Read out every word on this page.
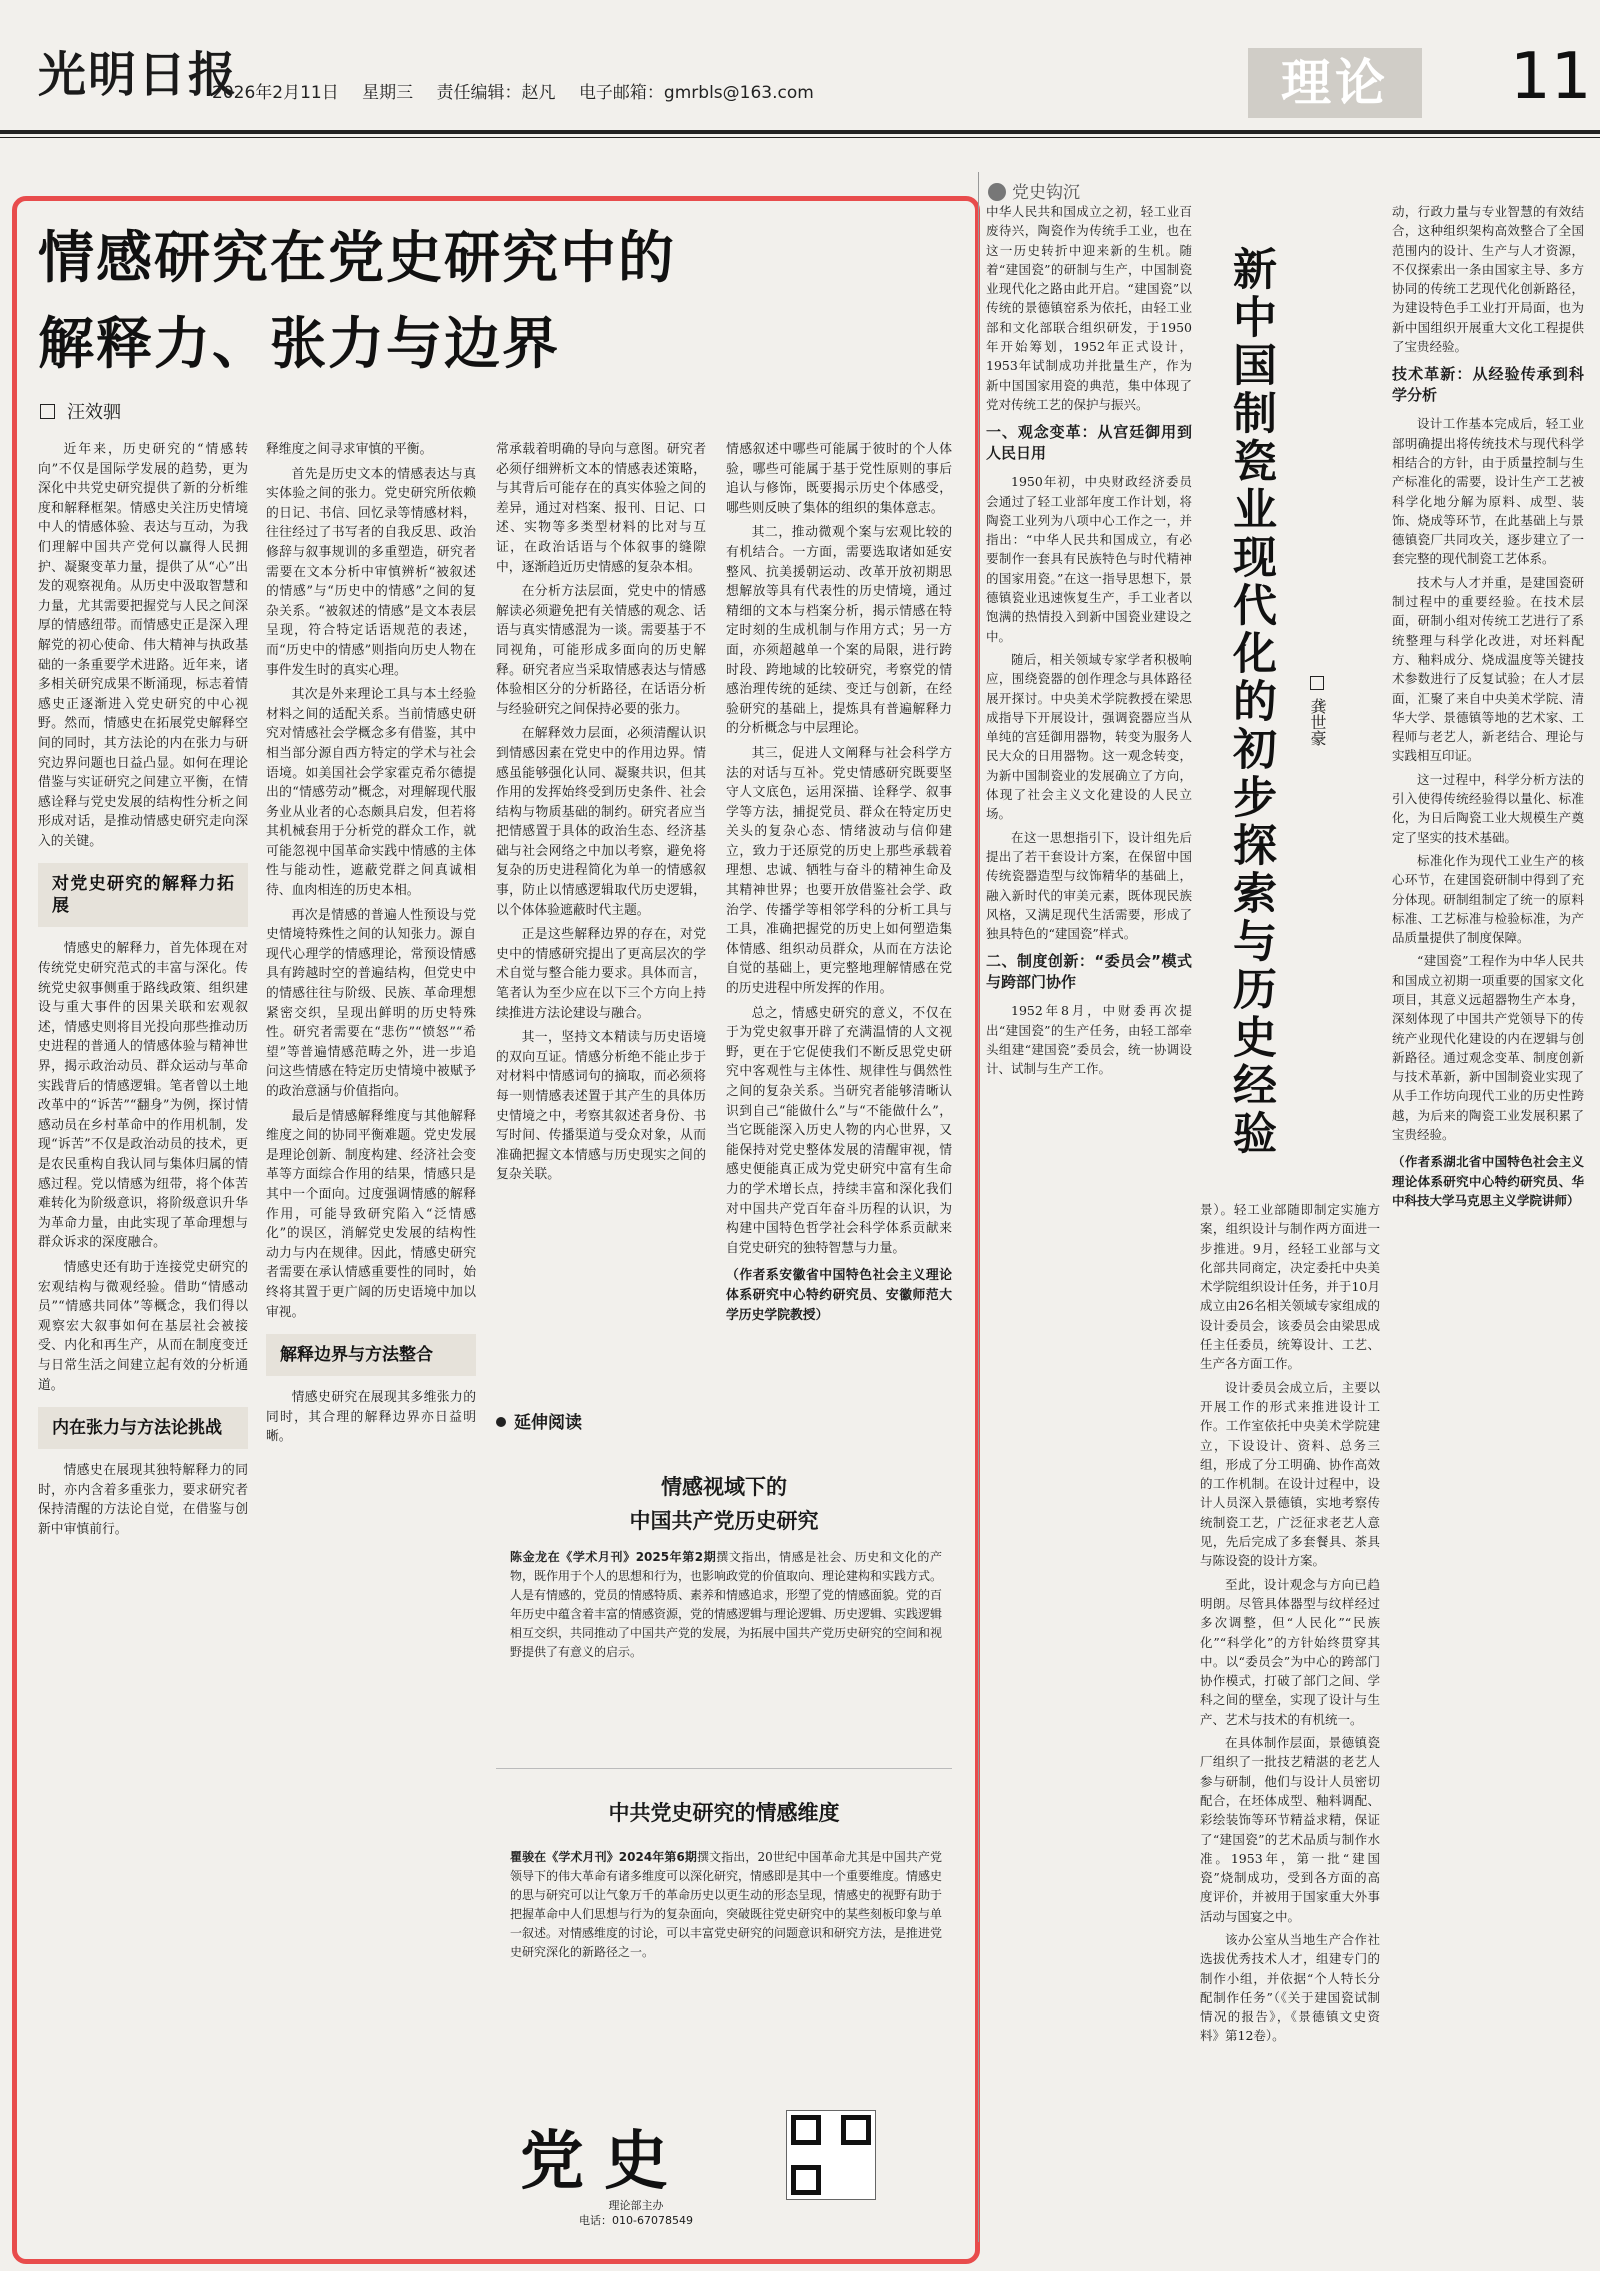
光明日报
2026年2月11日 星期三 责任编辑：赵凡 电子邮箱：gmrbls@163.com	理论	11
情感研究在党史研究中的
解释力、张力与边界
汪效驷

近年来，历史研究的“情感转向”不仅是国际学发展的趋势，更为深化中共党史研究提供了新的分析维度和解释框架。情感史关注历史情境中人的情感体验、表达与互动，为我们理解中国共产党何以赢得人民拥护、凝聚变革力量，提供了从“心”出发的观察视角。从历史中汲取智慧和力量，尤其需要把握党与人民之间深厚的情感纽带。而情感史正是深入理解党的初心使命、伟大精神与执政基础的一条重要学术进路。近年来，诸多相关研究成果不断涌现，标志着情感史正逐渐进入党史研究的中心视野。然而，情感史在拓展党史解释空间的同时，其方法论的内在张力与研究边界问题也日益凸显。如何在理论借鉴与实证研究之间建立平衡，在情感诠释与党史发展的结构性分析之间形成对话，是推动情感史研究走向深入的关键。

对党史研究的解释力拓展

情感史的解释力，首先体现在对传统党史研究范式的丰富与深化。传统党史叙事侧重于路线政策、组织建设与重大事件的因果关联和宏观叙述，情感史则将目光投向那些推动历史进程的普通人的情感体验与精神世界，揭示政治动员、群众运动与革命实践背后的情感逻辑。笔者曾以土地改革中的“诉苦”“翻身”为例，探讨情感动员在乡村革命中的作用机制，发现“诉苦”不仅是政治动员的技术，更是农民重构自我认同与集体归属的情感过程。党以情感为纽带，将个体苦难转化为阶级意识，将阶级意识升华为革命力量，由此实现了革命理想与群众诉求的深度融合。

情感史还有助于连接党史研究的宏观结构与微观经验。借助“情感动员”“情感共同体”等概念，我们得以观察宏大叙事如何在基层社会被接受、内化和再生产，从而在制度变迁与日常生活之间建立起有效的分析通道。

内在张力与方法论挑战

情感史在展现其独特解释力的同时，亦内含着多重张力，要求研究者保持清醒的方法论自觉，在借鉴与创新中审慎前行。

释维度之间寻求审慎的平衡。

首先是历史文本的情感表达与真实体验之间的张力。党史研究所依赖的日记、书信、回忆录等情感材料，往往经过了书写者的自我反思、政治修辞与叙事规训的多重塑造，研究者需要在文本分析中审慎辨析“被叙述的情感”与“历史中的情感”之间的复杂关系。“被叙述的情感”是文本表层呈现，符合特定话语规范的表述，而“历史中的情感”则指向历史人物在事件发生时的真实心理。

其次是外来理论工具与本土经验材料之间的适配关系。当前情感史研究对情感社会学概念多有借鉴，其中相当部分源自西方特定的学术与社会语境。如美国社会学家霍克希尔德提出的“情感劳动”概念，对理解现代服务业从业者的心态颇具启发，但若将其机械套用于分析党的群众工作，就可能忽视中国革命实践中情感的主体性与能动性，遮蔽党群之间真诚相待、血肉相连的历史本相。

再次是情感的普遍人性预设与党史情境特殊性之间的认知张力。源自现代心理学的情感理论，常预设情感具有跨越时空的普遍结构，但党史中的情感往往与阶级、民族、革命理想紧密交织，呈现出鲜明的历史特殊性。研究者需要在“悲伤”“愤怒”“希望”等普遍情感范畴之外，进一步追问这些情感在特定历史情境中被赋予的政治意涵与价值指向。

最后是情感解释维度与其他解释维度之间的协同平衡难题。党史发展是理论创新、制度构建、经济社会变革等方面综合作用的结果，情感只是其中一个面向。过度强调情感的解释作用，可能导致研究陷入“泛情感化”的误区，消解党史发展的结构性动力与内在规律。因此，情感史研究者需要在承认情感重要性的同时，始终将其置于更广阔的历史语境中加以审视。

解释边界与方法整合

情感史研究在展现其多维张力的同时，其合理的解释边界亦日益明晰。

常承载着明确的导向与意图。研究者必须仔细辨析文本的情感表述策略，与其背后可能存在的真实体验之间的差异，通过对档案、报刊、日记、口述、实物等多类型材料的比对与互证，在政治话语与个体叙事的缝隙中，逐渐趋近历史情感的复杂本相。

在分析方法层面，党史中的情感解读必须避免把有关情感的观念、话语与真实情感混为一谈。需要基于不同视角，可能形成多面向的历史解释。研究者应当采取情感表达与情感体验相区分的分析路径，在话语分析与经验研究之间保持必要的张力。

在解释效力层面，必须清醒认识到情感因素在党史中的作用边界。情感虽能够强化认同、凝聚共识，但其作用的发挥始终受到历史条件、社会结构与物质基础的制约。研究者应当把情感置于具体的政治生态、经济基础与社会网络之中加以考察，避免将复杂的历史进程简化为单一的情感叙事，防止以情感逻辑取代历史逻辑，以个体体验遮蔽时代主题。

正是这些解释边界的存在，对党史中的情感研究提出了更高层次的学术自觉与整合能力要求。具体而言，笔者认为至少应在以下三个方向上持续推进方法论建设与融合。

其一，坚持文本精读与历史语境的双向互证。情感分析绝不能止步于对材料中情感词句的摘取，而必须将每一则情感表述置于其产生的具体历史情境之中，考察其叙述者身份、书写时间、传播渠道与受众对象，从而准确把握文本情感与历史现实之间的复杂关联。

情感叙述中哪些可能属于彼时的个人体验，哪些可能属于基于党性原则的事后追认与修饰，既要揭示历史个体感受，哪些则反映了集体的组织的集体意志。

其二，推动微观个案与宏观比较的有机结合。一方面，需要选取诸如延安整风、抗美援朝运动、改革开放初期思想解放等具有代表性的历史情境，通过精细的文本与档案分析，揭示情感在特定时刻的生成机制与作用方式；另一方面，亦须超越单一个案的局限，进行跨时段、跨地域的比较研究，考察党的情感治理传统的延续、变迁与创新，在经验研究的基础上，提炼具有普遍解释力的分析概念与中层理论。

其三，促进人文阐释与社会科学方法的对话与互补。党史情感研究既要坚守人文底色，运用深描、诠释学、叙事学等方法，捕捉党员、群众在特定历史关头的复杂心态、情绪波动与信仰建立，致力于还原党的历史上那些承载着理想、忠诚、牺牲与奋斗的精神生命及其精神世界；也要开放借鉴社会学、政治学、传播学等相邻学科的分析工具与工具，准确把握党的历史上如何塑造集体情感、组织动员群众，从而在方法论自觉的基础上，更完整地理解情感在党的历史进程中所发挥的作用。

总之，情感史研究的意义，不仅在于为党史叙事开辟了充满温情的人文视野，更在于它促使我们不断反思党史研究中客观性与主体性、规律性与偶然性之间的复杂关系。当研究者能够清晰认识到自己“能做什么”与“不能做什么”，当它既能深入历史人物的内心世界，又能保持对党史整体发展的清醒审视，情感史便能真正成为党史研究中富有生命力的学术增长点，持续丰富和深化我们对中国共产党百年奋斗历程的认识，为构建中国特色哲学社会科学体系贡献来自党史研究的独特智慧与力量。

（作者系安徽省中国特色社会主义理论体系研究中心特约研究员、安徽师范大学历史学院教授）

延伸阅读
情感视域下的
中国共产党历史研究
陈金龙在《学术月刊》2025年第2期撰文指出，情感是社会、历史和文化的产物，既作用于个人的思想和行为，也影响政党的价值取向、理论建构和实践方式。人是有情感的，党员的情感特质、素养和情感追求，形塑了党的情感面貌。党的百年历史中蕴含着丰富的情感资源，党的情感逻辑与理论逻辑、历史逻辑、实践逻辑相互交织，共同推动了中国共产党的发展，为拓展中国共产党历史研究的空间和视野提供了有意义的启示。
中共党史研究的情感维度
瞿骏在《学术月刊》2024年第6期撰文指出，20世纪中国革命尤其是中国共产党领导下的伟大革命有诸多维度可以深化研究，情感即是其中一个重要维度。情感史的思与研究可以让气象万千的革命历史以更生动的形态呈现，情感史的视野有助于把握革命中人们思想与行为的复杂面向，突破既往党史研究中的某些刻板印象与单一叙述。对情感维度的讨论，可以丰富党史研究的问题意识和研究方法，是推进党史研究深化的新路径之一。
党史
理论部主办
电话：010-67078549
党史钩沉

中华人民共和国成立之初，轻工业百废待兴，陶瓷作为传统手工业，也在这一历史转折中迎来新的生机。随着“建国瓷”的研制与生产，中国制瓷业现代化之路由此开启。“建国瓷”以传统的景德镇窑系为依托，由轻工业部和文化部联合组织研发，于1950年开始筹划，1952年正式设计，1953年试制成功并批量生产，作为新中国国家用瓷的典范，集中体现了党对传统工艺的保护与振兴。

一、观念变革：从宫廷御用到人民日用

1950年初，中央财政经济委员会通过了轻工业部年度工作计划，将陶瓷工业列为八项中心工作之一，并指出：“中华人民共和国成立，有必要制作一套具有民族特色与时代精神的国家用瓷。”在这一指导思想下，景德镇瓷业迅速恢复生产，手工业者以饱满的热情投入到新中国瓷业建设之中。

随后，相关领域专家学者积极响应，围绕瓷器的创作理念与具体路径展开探讨。中央美术学院教授在梁思成指导下开展设计，强调瓷器应当从单纯的宫廷御用器物，转变为服务人民大众的日用器物。这一观念转变，为新中国制瓷业的发展确立了方向，体现了社会主义文化建设的人民立场。

在这一思想指引下，设计组先后提出了若干套设计方案，在保留中国传统瓷器造型与纹饰精华的基础上，融入新时代的审美元素，既体现民族风格，又满足现代生活需要，形成了独具特色的“建国瓷”样式。

二、制度创新：“委员会”模式与跨部门协作

1952年8月，中财委再次提出“建国瓷”的生产任务，由轻工部牵头组建“建国瓷”委员会，统一协调设计、试制与生产工作。	新中国制瓷业现代化的初步探索与历史经验 龚世豪

景）。轻工业部随即制定实施方案，组织设计与制作两方面进一步推进。9月，经轻工业部与文化部共同商定，决定委托中央美术学院组织设计任务，并于10月成立由26名相关领域专家组成的设计委员会，该委员会由梁思成任主任委员，统筹设计、工艺、生产各方面工作。

设计委员会成立后，主要以开展工作的形式来推进设计工作。工作室依托中央美术学院建立，下设设计、资料、总务三组，形成了分工明确、协作高效的工作机制。在设计过程中，设计人员深入景德镇，实地考察传统制瓷工艺，广泛征求老艺人意见，先后完成了多套餐具、茶具与陈设瓷的设计方案。

至此，设计观念与方向已趋明朗。尽管具体器型与纹样经过多次调整，但“人民化”“民族化”“科学化”的方针始终贯穿其中。以“委员会”为中心的跨部门协作模式，打破了部门之间、学科之间的壁垒，实现了设计与生产、艺术与技术的有机统一。

在具体制作层面，景德镇瓷厂组织了一批技艺精湛的老艺人参与研制，他们与设计人员密切配合，在坯体成型、釉料调配、彩绘装饰等环节精益求精，保证了“建国瓷”的艺术品质与制作水准。1953年，第一批“建国瓷”烧制成功，受到各方面的高度评价，并被用于国家重大外事活动与国宴之中。

该办公室从当地生产合作社选拔优秀技术人才，组建专门的制作小组，并依据“个人特长分配制作任务”（《关于建国瓷试制情况的报告》，《景德镇文史资料》第12卷）。

动，行政力量与专业智慧的有效结合，这种组织架构高效整合了全国范围内的设计、生产与人才资源，不仅探索出一条由国家主导、多方协同的传统工艺现代化创新路径，为建设特色手工业打开局面，也为新中国组织开展重大文化工程提供了宝贵经验。

技术革新：从经验传承到科学分析

设计工作基本完成后，轻工业部明确提出将传统技术与现代科学相结合的方针，由于质量控制与生产标准化的需要，设计生产工艺被科学化地分解为原料、成型、装饰、烧成等环节，在此基础上与景德镇瓷厂共同攻关，逐步建立了一套完整的现代制瓷工艺体系。

技术与人才并重，是建国瓷研制过程中的重要经验。在技术层面，研制小组对传统工艺进行了系统整理与科学化改进，对坯料配方、釉料成分、烧成温度等关键技术参数进行了反复试验；在人才层面，汇聚了来自中央美术学院、清华大学、景德镇等地的艺术家、工程师与老艺人，新老结合、理论与实践相互印证。

这一过程中，科学分析方法的引入使得传统经验得以量化、标准化，为日后陶瓷工业大规模生产奠定了坚实的技术基础。

标准化作为现代工业生产的核心环节，在建国瓷研制中得到了充分体现。研制组制定了统一的原料标准、工艺标准与检验标准，为产品质量提供了制度保障。

“建国瓷”工程作为中华人民共和国成立初期一项重要的国家文化项目，其意义远超器物生产本身，深刻体现了中国共产党领导下的传统产业现代化建设的内在逻辑与创新路径。通过观念变革、制度创新与技术革新，新中国制瓷业实现了从手工作坊向现代工业的历史性跨越，为后来的陶瓷工业发展积累了宝贵经验。

（作者系湖北省中国特色社会主义理论体系研究中心特约研究员、华中科技大学马克思主义学院讲师）
